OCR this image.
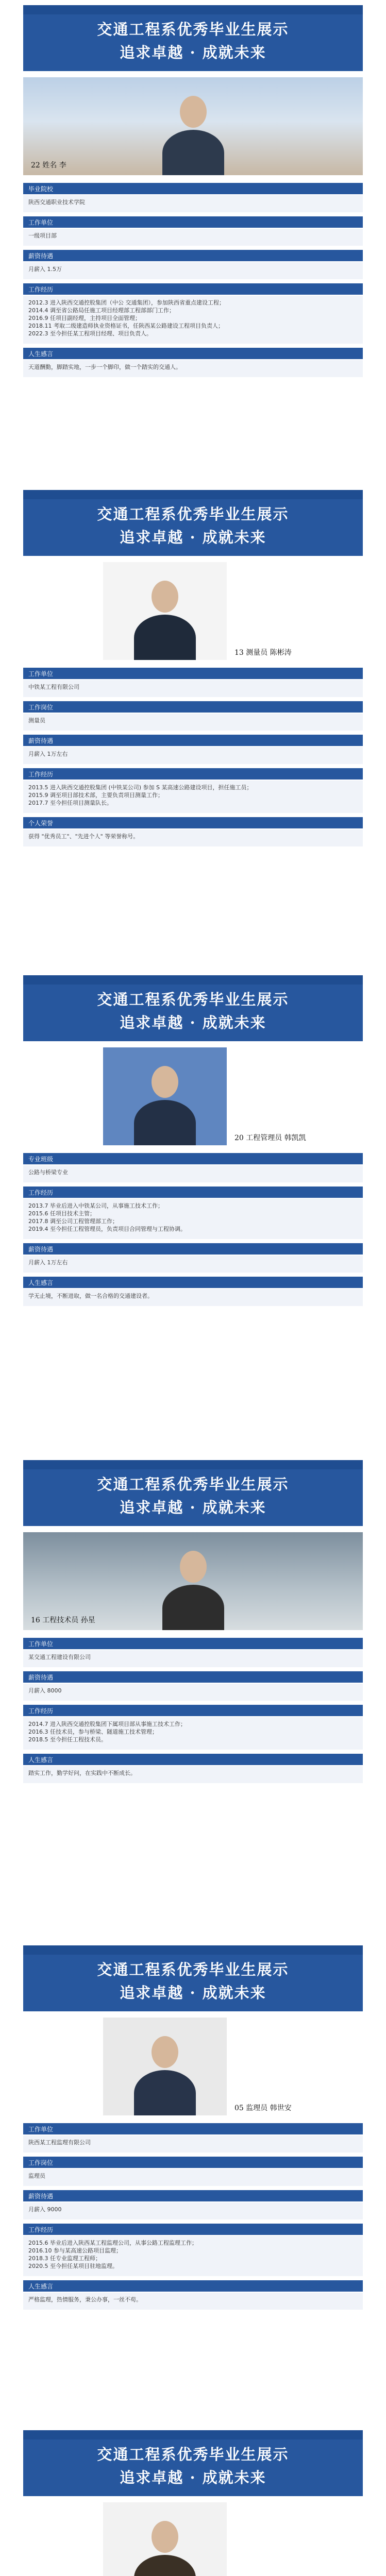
交通工程系优秀毕业生展示
追求卓越 · 成就未来
22 姓名 李
毕业院校

陕西交通职业技术学院

工作单位

一级项目部

薪资待遇

月薪入 1.5万

工作经历

2012.3 进入陕西交通控股集团（中公 交通集团），参加陕西省重点建设工程；

2014.4 调至省公路局任施工项目经理部工程部部门工作；

2016.9 任项目副经理，主持项目全面管理；

2018.11 考取二级建造师执业资格证书，任陕西某公路建设工程项目负责人；

2022.3 至今担任某工程项目经理、项目负责人。

人生感言

天道酬勤，脚踏实地，一步一个脚印，做一个踏实的交通人。

交通工程系优秀毕业生展示
追求卓越 · 成就未来
13 测量员 陈彬涛
工作单位

中铁某工程有限公司

工作岗位

测量员

薪资待遇

月薪入 1万左右

工作经历

2013.5 进入陕西交通控股集团 (中铁某公司) 参加 S 某高速公路建设项目，担任施工员；

2015.9 调至项目部技术部，主要负责项目测量工作；

2017.7 至今担任项目测量队长。

个人荣誉

获得 "优秀员工"、"先进个人" 等荣誉称号。

交通工程系优秀毕业生展示
追求卓越 · 成就未来
20 工程管理员 韩凯凯
专业班级

公路与桥梁专业

工作经历

2013.7 毕业后进入中铁某公司，从事施工技术工作；

2015.6 任项目技术主管；

2017.8 调至公司工程管理部工作；

2019.4 至今担任工程管理员，负责项目合同管理与工程协调。

薪资待遇

月薪入 1万左右

人生感言

学无止境，不断进取，做一名合格的交通建设者。

交通工程系优秀毕业生展示
追求卓越 · 成就未来
16 工程技术员 孙星
工作单位

某交通工程建设有限公司

薪资待遇

月薪入 8000

工作经历

2014.7 进入陕西交通控股集团下属项目部从事施工技术工作；

2016.3 任技术员，参与桥梁、隧道施工技术管理；

2018.5 至今担任工程技术员。

人生感言

踏实工作，勤学好问，在实践中不断成长。

交通工程系优秀毕业生展示
追求卓越 · 成就未来
05 监理员 韩世安
工作单位

陕西某工程监理有限公司

工作岗位

监理员

薪资待遇

月薪入 9000

工作经历

2015.6 毕业后进入陕西某工程监理公司，从事公路工程监理工作；

2016.10 参与某高速公路项目监理；

2018.3 任专业监理工程师；

2020.5 至今担任某项目驻地监理。

人生感言

严格监理，热情服务，秉公办事，一丝不苟。

交通工程系优秀毕业生展示
追求卓越 · 成就未来
